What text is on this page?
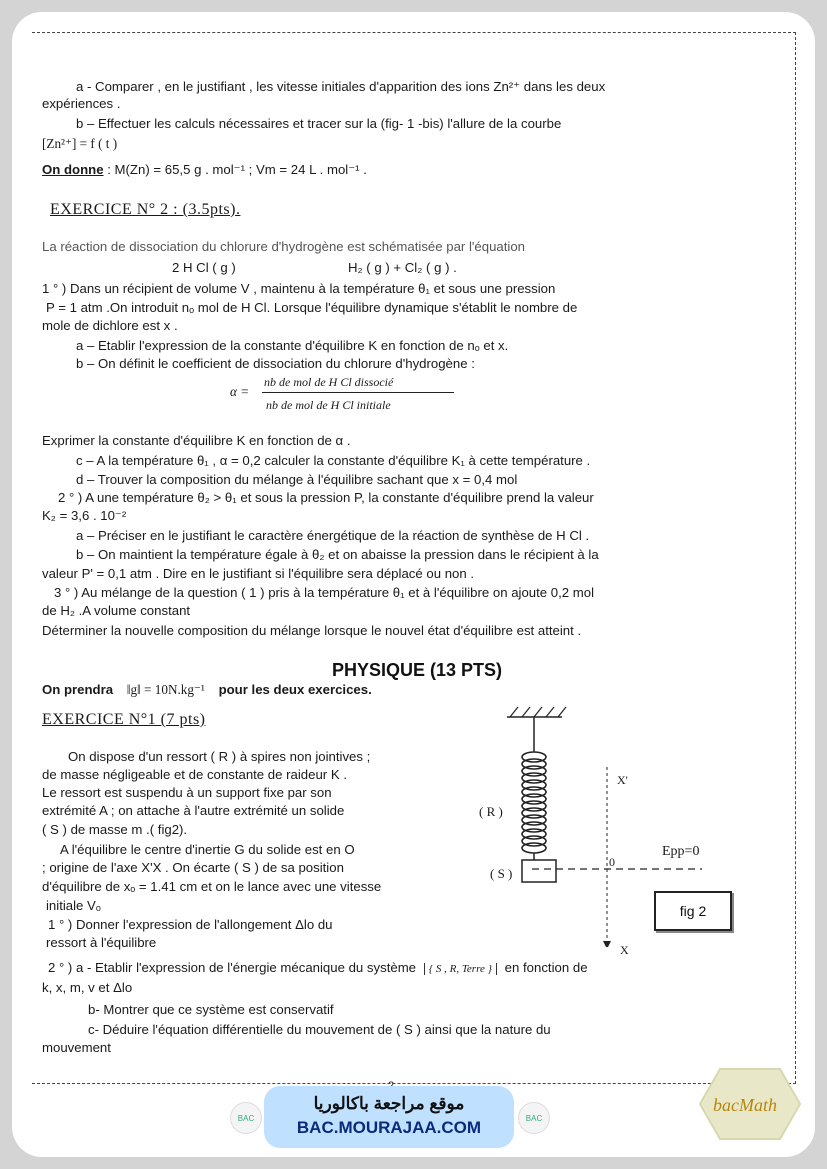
a - Comparer , en le justifiant , les vitesse initiales d'apparition des ions Zn²⁺ dans les deux
expériences .
b – Effectuer les calculs nécessaires et tracer sur la (fig- 1 -bis) l'allure de la courbe
[Zn²⁺] = f ( t )
On donne : M(Zn) = 65,5 g . mol⁻¹ ; Vm = 24 L . mol⁻¹ .
EXERCICE N° 2 : (3.5pts).
La réaction de dissociation du chlorure d'hydrogène est schématisée par l'équation
2 H Cl ( g )	H₂ ( g ) + Cl₂ ( g ) .
1 ° ) Dans un récipient de volume V , maintenu à la température θ₁ et sous une pression
P = 1 atm .On introduit nₒ mol de H Cl. Lorsque l'équilibre dynamique s'établit le nombre de
mole de dichlore est x .
a – Etablir l'expression de la constante d'équilibre K en fonction de nₒ et x.
b – On définit le coefficient de dissociation du chlorure d'hydrogène :
α =
nb de mol de H Cl dissocié
nb de mol de H Cl initiale
Exprimer la constante d'équilibre K en fonction de α .
c – A la température θ₁ , α = 0,2 calculer la constante d'équilibre K₁ à cette température .
d – Trouver la composition du mélange à l'équilibre sachant que x = 0,4 mol
2 ° ) A une température θ₂ > θ₁ et sous la pression P, la constante d'équilibre prend la valeur
K₂ = 3,6 . 10⁻²
a – Préciser en le justifiant le caractère énergétique de la réaction de synthèse de H Cl .
b – On maintient la température égale à θ₂ et on abaisse la pression dans le récipient à la
valeur P' = 0,1 atm . Dire en le justifiant si l'équilibre sera déplacé ou non .
3 ° ) Au mélange de la question ( 1 ) pris à la température θ₁ et à l'équilibre on ajoute 0,2 mol
de H₂ .A volume constant
Déterminer la nouvelle composition du mélange lorsque le nouvel état d'équilibre est atteint .
PHYSIQUE (13 PTS)
On prendra ‖g‖ = 10N.kg⁻¹ pour les deux exercices.
EXERCICE N°1 (7 pts)
On dispose d'un ressort ( R ) à spires non jointives ;
de masse négligeable et de constante de raideur K .
Le ressort est suspendu à un support fixe par son
extrémité A ; on attache à l'autre extrémité un solide
( S ) de masse m .( fig2).
A l'équilibre le centre d'inertie G du solide est en O
; origine de l'axe X'X . On écarte ( S ) de sa position
d'équilibre de xₒ = 1.41 cm et on le lance avec une vitesse
initiale Vₒ
1 ° ) Donner l'expression de l'allongement Δlo du
ressort à l'équilibre
2 ° ) a - Etablir l'expression de l'énergie mécanique du système { S , R, Terre } en fonction de
k, x, m, v et Δlo
b- Montrer que ce système est conservatif
c- Déduire l'équation différentielle du mouvement de ( S ) ainsi que la nature du
mouvement
( R )
( S )
X'
X
0
Epp=0
fig 2
BAC
موقع مراجعة باكالوريا
BAC.MOURAJAA.COM	BAC
bacMath
